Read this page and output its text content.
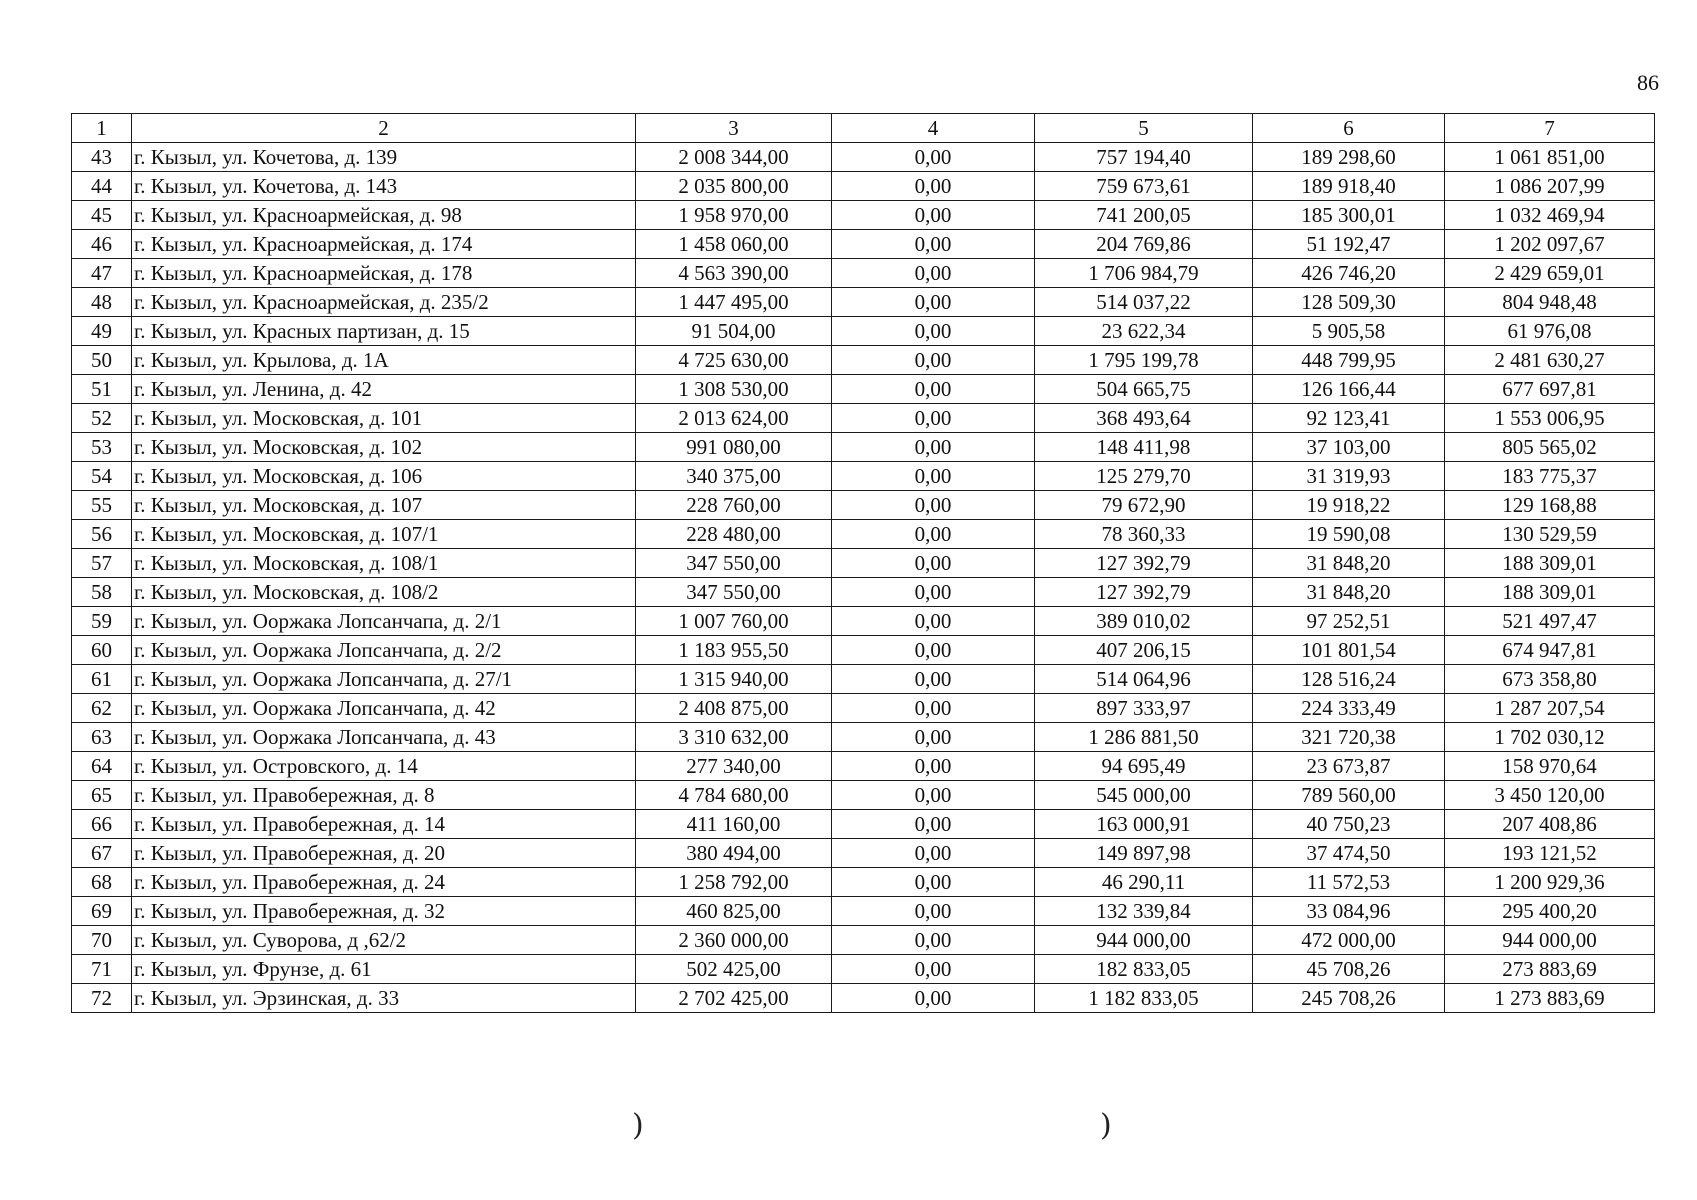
86
1	2	3	4	5	6	7
43	г. Кызыл, ул. Кочетова, д. 139	2 008 344,00	0,00	757 194,40	189 298,60	1 061 851,00
44	г. Кызыл, ул. Кочетова, д. 143	2 035 800,00	0,00	759 673,61	189 918,40	1 086 207,99
45	г. Кызыл, ул. Красноармейская, д. 98	1 958 970,00	0,00	741 200,05	185 300,01	1 032 469,94
46	г. Кызыл, ул. Красноармейская, д. 174	1 458 060,00	0,00	204 769,86	51 192,47	1 202 097,67
47	г. Кызыл, ул. Красноармейская, д. 178	4 563 390,00	0,00	1 706 984,79	426 746,20	2 429 659,01
48	г. Кызыл, ул. Красноармейская, д. 235/2	1 447 495,00	0,00	514 037,22	128 509,30	804 948,48
49	г. Кызыл, ул. Красных партизан, д. 15	91 504,00	0,00	23 622,34	5 905,58	61 976,08
50	г. Кызыл, ул. Крылова, д. 1А	4 725 630,00	0,00	1 795 199,78	448 799,95	2 481 630,27
51	г. Кызыл, ул. Ленина, д. 42	1 308 530,00	0,00	504 665,75	126 166,44	677 697,81
52	г. Кызыл, ул. Московская, д. 101	2 013 624,00	0,00	368 493,64	92 123,41	1 553 006,95
53	г. Кызыл, ул. Московская, д. 102	991 080,00	0,00	148 411,98	37 103,00	805 565,02
54	г. Кызыл, ул. Московская, д. 106	340 375,00	0,00	125 279,70	31 319,93	183 775,37
55	г. Кызыл, ул. Московская, д. 107	228 760,00	0,00	79 672,90	19 918,22	129 168,88
56	г. Кызыл, ул. Московская, д. 107/1	228 480,00	0,00	78 360,33	19 590,08	130 529,59
57	г. Кызыл, ул. Московская, д. 108/1	347 550,00	0,00	127 392,79	31 848,20	188 309,01
58	г. Кызыл, ул. Московская, д. 108/2	347 550,00	0,00	127 392,79	31 848,20	188 309,01
59	г. Кызыл, ул. Ооржака Лопсанчапа, д. 2/1	1 007 760,00	0,00	389 010,02	97 252,51	521 497,47
60	г. Кызыл, ул. Ооржака Лопсанчапа, д. 2/2	1 183 955,50	0,00	407 206,15	101 801,54	674 947,81
61	г. Кызыл, ул. Ооржака Лопсанчапа, д. 27/1	1 315 940,00	0,00	514 064,96	128 516,24	673 358,80
62	г. Кызыл, ул. Ооржака Лопсанчапа, д. 42	2 408 875,00	0,00	897 333,97	224 333,49	1 287 207,54
63	г. Кызыл, ул. Ооржака Лопсанчапа, д. 43	3 310 632,00	0,00	1 286 881,50	321 720,38	1 702 030,12
64	г. Кызыл, ул. Островского, д. 14	277 340,00	0,00	94 695,49	23 673,87	158 970,64
65	г. Кызыл, ул. Правобережная, д. 8	4 784 680,00	0,00	545 000,00	789 560,00	3 450 120,00
66	г. Кызыл, ул. Правобережная, д. 14	411 160,00	0,00	163 000,91	40 750,23	207 408,86
67	г. Кызыл, ул. Правобережная, д. 20	380 494,00	0,00	149 897,98	37 474,50	193 121,52
68	г. Кызыл, ул. Правобережная, д. 24	1 258 792,00	0,00	46 290,11	11 572,53	1 200 929,36
69	г. Кызыл, ул. Правобережная, д. 32	460 825,00	0,00	132 339,84	33 084,96	295 400,20
70	г. Кызыл, ул. Суворова, д ,62/2	2 360 000,00	0,00	944 000,00	472 000,00	944 000,00
71	г. Кызыл, ул. Фрунзе, д. 61	502 425,00	0,00	182 833,05	45 708,26	273 883,69
72	г. Кызыл, ул. Эрзинская, д. 33	2 702 425,00	0,00	1 182 833,05	245 708,26	1 273 883,69
)	)
